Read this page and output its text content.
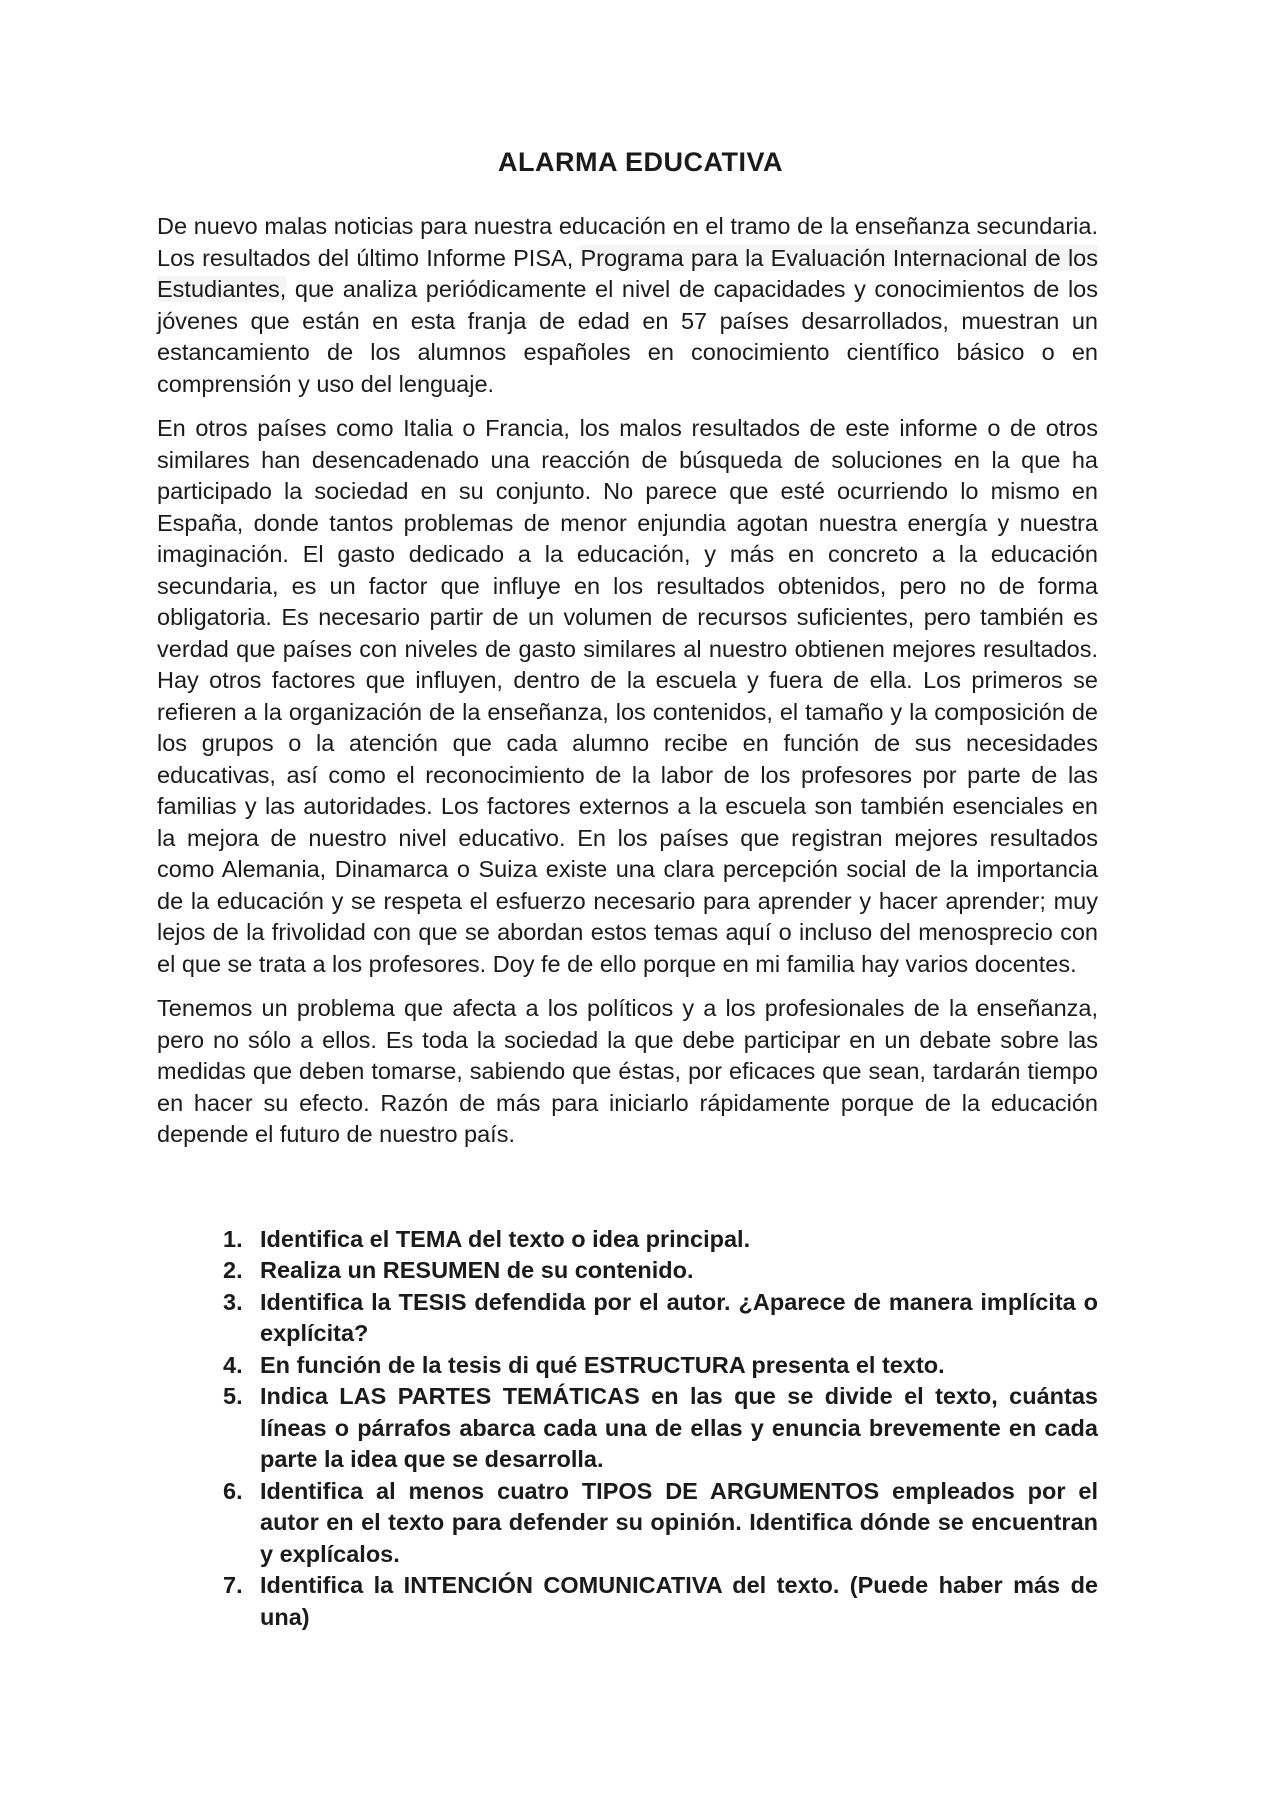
ALARMA EDUCATIVA

De nuevo malas noticias para nuestra educación en el tramo de la enseñanza secundaria. Los resultados del último Informe PISA, Programa para la Evaluación Internacional de los Estudiantes, que analiza periódicamente el nivel de capacidades y conocimientos de los jóvenes que están en esta franja de edad en 57 países desarrollados, muestran un estancamiento de los alumnos españoles en conocimiento científico básico o en comprensión y uso del lenguaje.

En otros países como Italia o Francia, los malos resultados de este informe o de otros similares han desencadenado una reacción de búsqueda de soluciones en la que ha participado la sociedad en su conjunto. No parece que esté ocurriendo lo mismo en España, donde tantos problemas de menor enjundia agotan nuestra energía y nuestra imaginación. El gasto dedicado a la educación, y más en concreto a la educación secundaria, es un factor que influye en los resultados obtenidos, pero no de forma obligatoria. Es necesario partir de un volumen de recursos suficientes, pero también es verdad que países con niveles de gasto similares al nuestro obtienen mejores resultados. Hay otros factores que influyen, dentro de la escuela y fuera de ella. Los primeros se refieren a la organización de la enseñanza, los contenidos, el tamaño y la composición de los grupos o la atención que cada alumno recibe en función de sus necesidades educativas, así como el reconocimiento de la labor de los profesores por parte de las familias y las autoridades. Los factores externos a la escuela son también esenciales en la mejora de nuestro nivel educativo. En los países que registran mejores resultados como Alemania, Dinamarca o Suiza existe una clara percepción social de la importancia de la educación y se respeta el esfuerzo necesario para aprender y hacer aprender; muy lejos de la frivolidad con que se abordan estos temas aquí o incluso del menosprecio con el que se trata a los profesores. Doy fe de ello porque en mi familia hay varios docentes.

Tenemos un problema que afecta a los políticos y a los profesionales de la enseñanza, pero no sólo a ellos. Es toda la sociedad la que debe participar en un debate sobre las medidas que deben tomarse, sabiendo que éstas, por eficaces que sean, tardarán tiempo en hacer su efecto. Razón de más para iniciarlo rápidamente porque de la educación depende el futuro de nuestro país.

1. Identifica el TEMA del texto o idea principal.
2. Realiza un RESUMEN de su contenido.
3. Identifica la TESIS defendida por el autor. ¿Aparece de manera implícita o explícita?
4. En función de la tesis di qué ESTRUCTURA presenta el texto.
5. Indica LAS PARTES TEMÁTICAS en las que se divide el texto, cuántas líneas o párrafos abarca cada una de ellas y enuncia brevemente en cada parte la idea que se desarrolla.
6. Identifica al menos cuatro TIPOS DE ARGUMENTOS empleados por el autor en el texto para defender su opinión. Identifica dónde se encuentran y explícalos.
7. Identifica la INTENCIÓN COMUNICATIVA del texto. (Puede haber más de una)
